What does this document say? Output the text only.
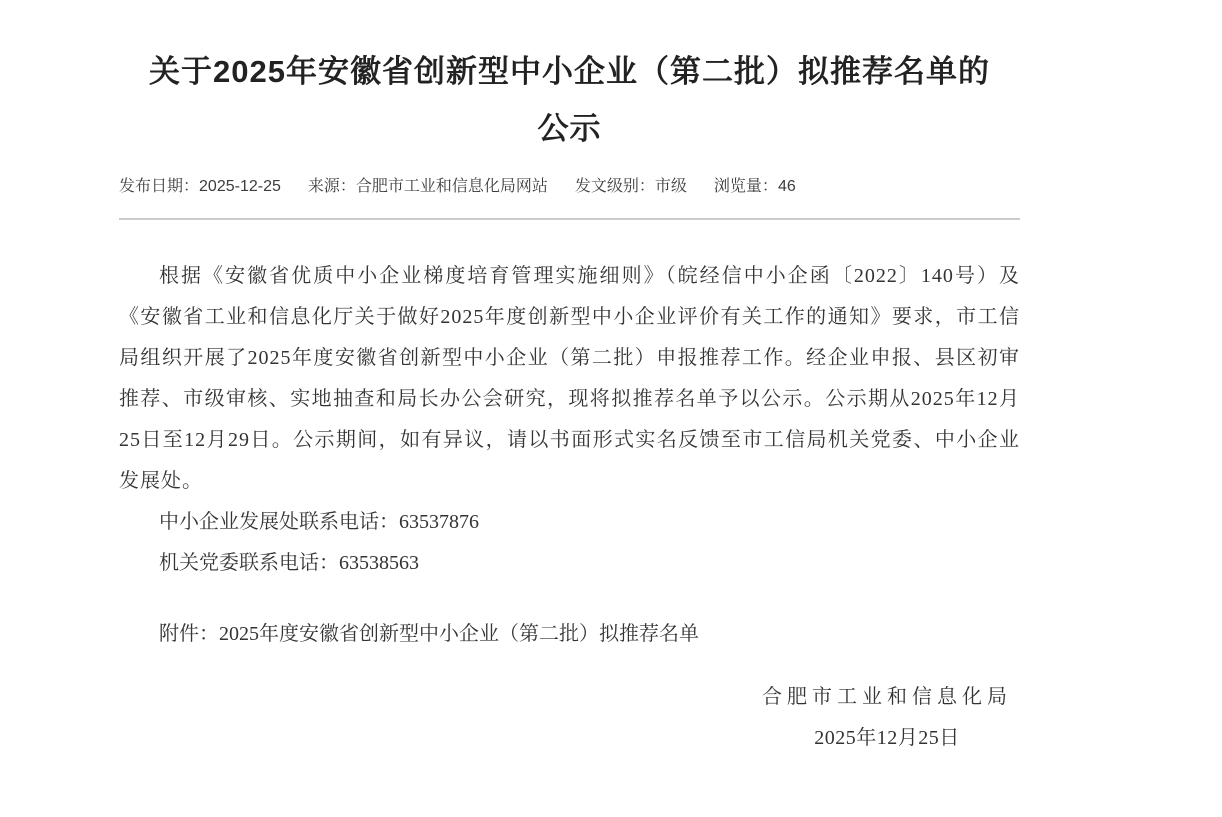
关于2025年安徽省创新型中小企业（第二批）拟推荐名单的
公示
发布日期： 2025-12-25 来源： 合肥市工业和信息化局网站 发文级别： 市级 浏览量： 46

根据《安徽省优质中小企业梯度培育管理实施细则》（皖经信中小企函〔2022〕140号）及《安徽省工业和信息化厅关于做好2025年度创新型中小企业评价有关工作的通知》要求，市工信局组织开展了2025年度安徽省创新型中小企业（第二批）申报推荐工作。经企业申报、县区初审推荐、市级审核、实地抽查和局长办公会研究，现将拟推荐名单予以公示。公示期从2025年12月25日至12月29日。公示期间，如有异议，请以书面形式实名反馈至市工信局机关党委、中小企业发展处。

中小企业发展处联系电话：63537876

机关党委联系电话：63538563

附件：2025年度安徽省创新型中小企业（第二批）拟推荐名单

合肥市工业和信息化局
2025年12月25日
